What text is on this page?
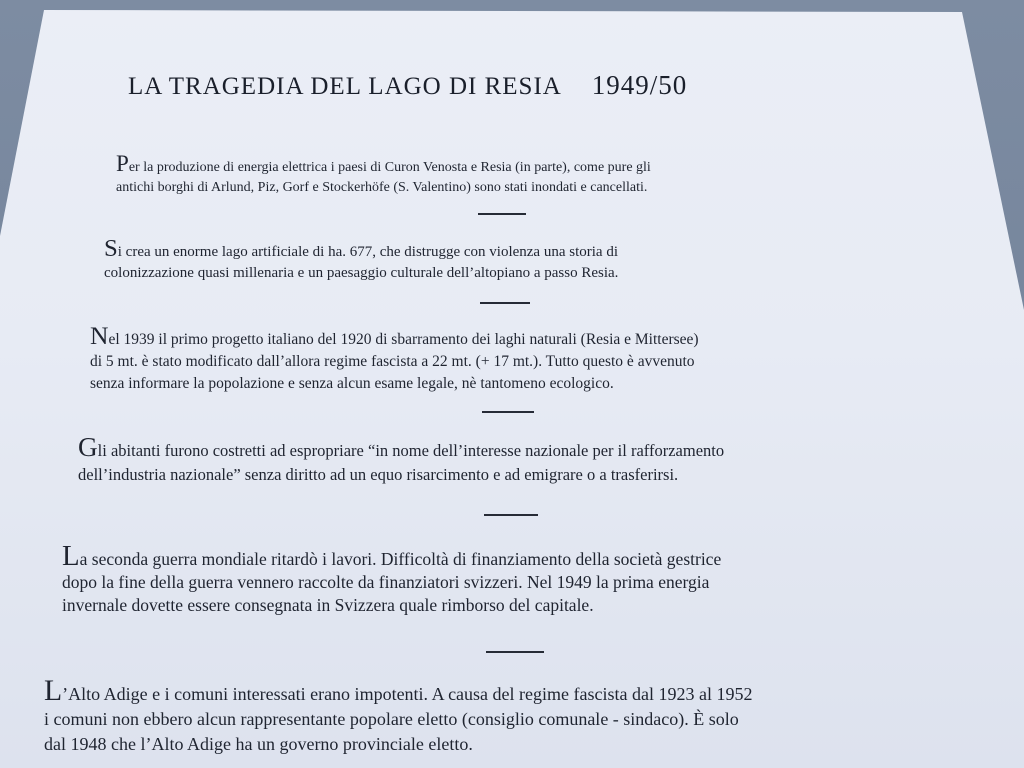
LA TRAGEDIA DEL LAGO DI RESIA 1949/50
Per la produzione di energia elettrica i paesi di Curon Venosta e Resia (in parte), come pure gli
antichi borghi di Arlund, Piz, Gorf e Stockerhöfe (S. Valentino) sono stati inondati e cancellati.
Si crea un enorme lago artificiale di ha. 677, che distrugge con violenza una storia di
colonizzazione quasi millenaria e un paesaggio culturale dell’altopiano a passo Resia.
Nel 1939 il primo progetto italiano del 1920 di sbarramento dei laghi naturali (Resia e Mittersee)
di 5 mt. è stato modificato dall’allora regime fascista a 22 mt. (+ 17 mt.). Tutto questo è avvenuto
senza informare la popolazione e senza alcun esame legale, nè tantomeno ecologico.
Gli abitanti furono costretti ad espropriare “in nome dell’interesse nazionale per il rafforzamento
dell’industria nazionale” senza diritto ad un equo risarcimento e ad emigrare o a trasferirsi.
La seconda guerra mondiale ritardò i lavori. Difficoltà di finanziamento della società gestrice
dopo la fine della guerra vennero raccolte da finanziatori svizzeri. Nel 1949 la prima energia
invernale dovette essere consegnata in Svizzera quale rimborso del capitale.
L’Alto Adige e i comuni interessati erano impotenti. A causa del regime fascista dal 1923 al 1952
i comuni non ebbero alcun rappresentante popolare eletto (consiglio comunale - sindaco). È solo
dal 1948 che l’Alto Adige ha un governo provinciale eletto.
